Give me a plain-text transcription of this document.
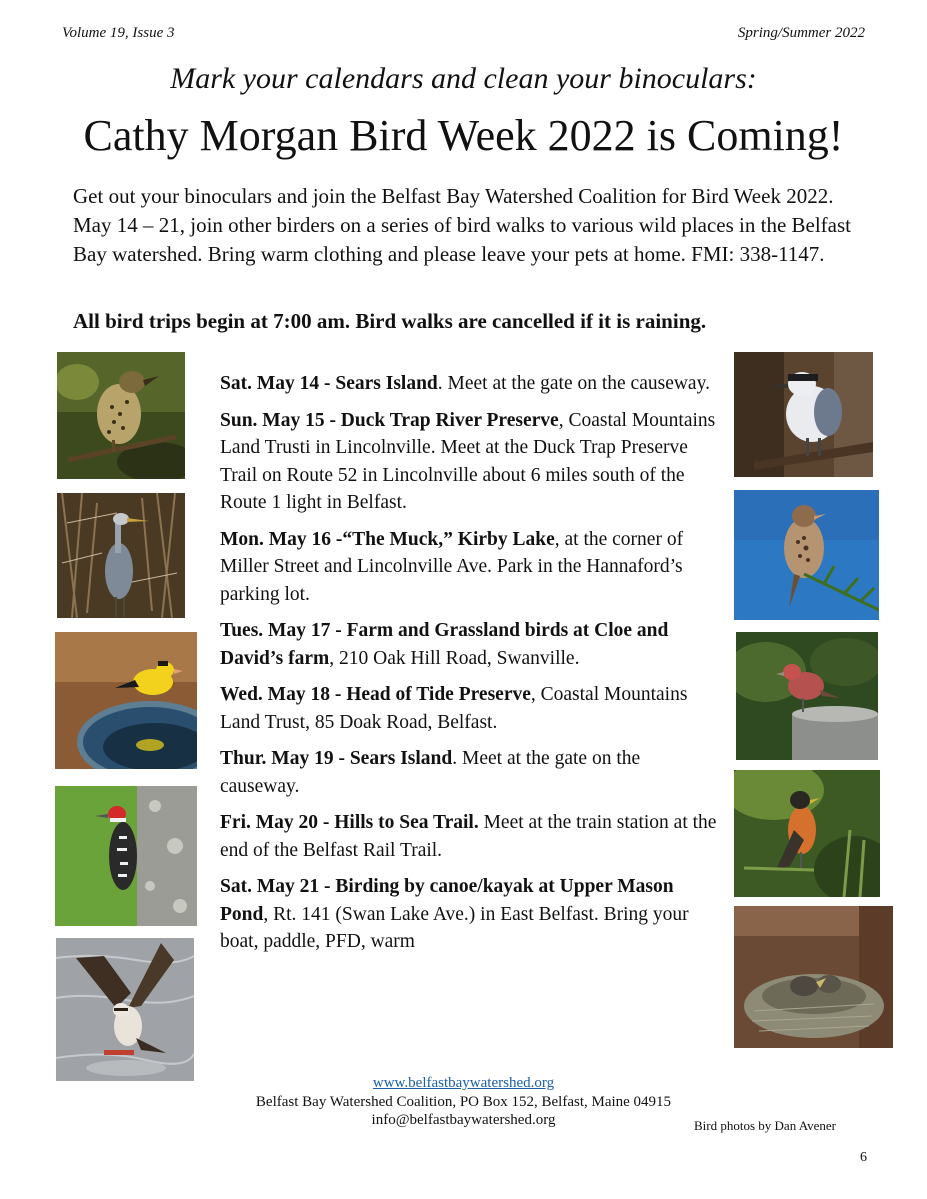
Volume 19, Issue 3	Spring/Summer 2022
Mark your calendars and clean your binoculars:
Cathy Morgan Bird Week 2022 is Coming!

Get out your binoculars and join the Belfast Bay Watershed Coalition for Bird Week 2022. May 14 – 21, join other birders on a series of bird walks to various wild places in the Belfast Bay watershed. Bring warm clothing and please leave your pets at home. FMI: 338-1147.

All bird trips begin at 7:00 am. Bird walks are cancelled if it is raining.

Sat. May 14 - Sears Island. Meet at the gate on the causeway.

Sun. May 15 - Duck Trap River Preserve, Coastal Mountains Land Trusti in Lincolnville. Meet at the Duck Trap Preserve Trail on Route 52 in Lincolnville about 6 miles south of the Route 1 light in Belfast.

Mon. May 16 -“The Muck,” Kirby Lake, at the corner of Miller Street and Lincolnville Ave. Park in the Hannaford’s parking lot.

Tues. May 17 - Farm and Grassland birds at Cloe and David’s farm, 210 Oak Hill Road, Swanville.

Wed. May 18 - Head of Tide Preserve, Coastal Mountains Land Trust, 85 Doak Road, Belfast.

Thur. May 19 - Sears Island. Meet at the gate on the causeway.

Fri. May 20 - Hills to Sea Trail. Meet at the train station at the end of the Belfast Rail Trail.

Sat. May 21 - Birding by canoe/kayak at Upper Mason Pond, Rt. 141 (Swan Lake Ave.) in East Belfast. Bring your boat, paddle, PFD, warm

www.belfastbaywatershed.org
Belfast Bay Watershed Coalition, PO Box 152, Belfast, Maine 04915
info@belfastbaywatershed.org	Bird photos by Dan Avener
6
